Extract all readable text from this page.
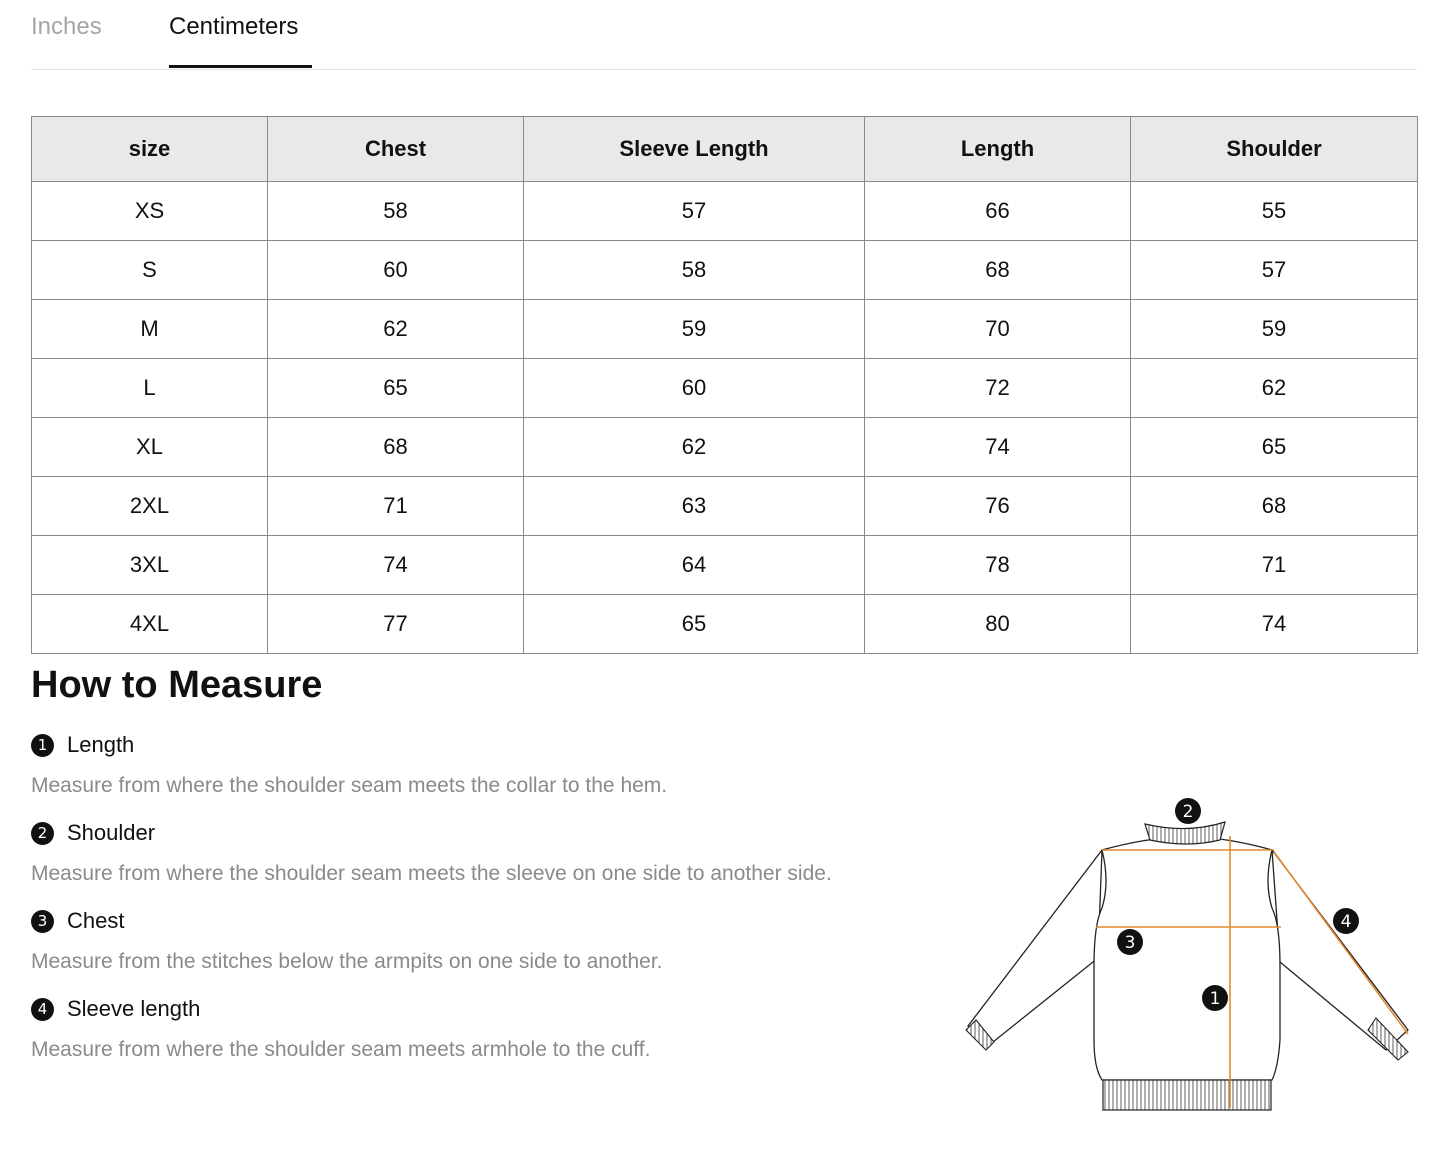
Inches	Centimeters
size	Chest	Sleeve Length	Length	Shoulder
XS	58	57	66	55
S	60	58	68	57
M	62	59	70	59
L	65	60	72	62
XL	68	62	74	65
2XL	71	63	76	68
3XL	74	64	78	71
4XL	77	65	80	74
How to Measure
1 Length
Measure from where the shoulder seam meets the collar to the hem.
2 Shoulder
Measure from where the shoulder seam meets the sleeve on one side to another side.
3 Chest
Measure from the stitches below the armpits on one side to another.
4 Sleeve length
Measure from where the shoulder seam meets armhole to the cuff.
2
3
4
1
